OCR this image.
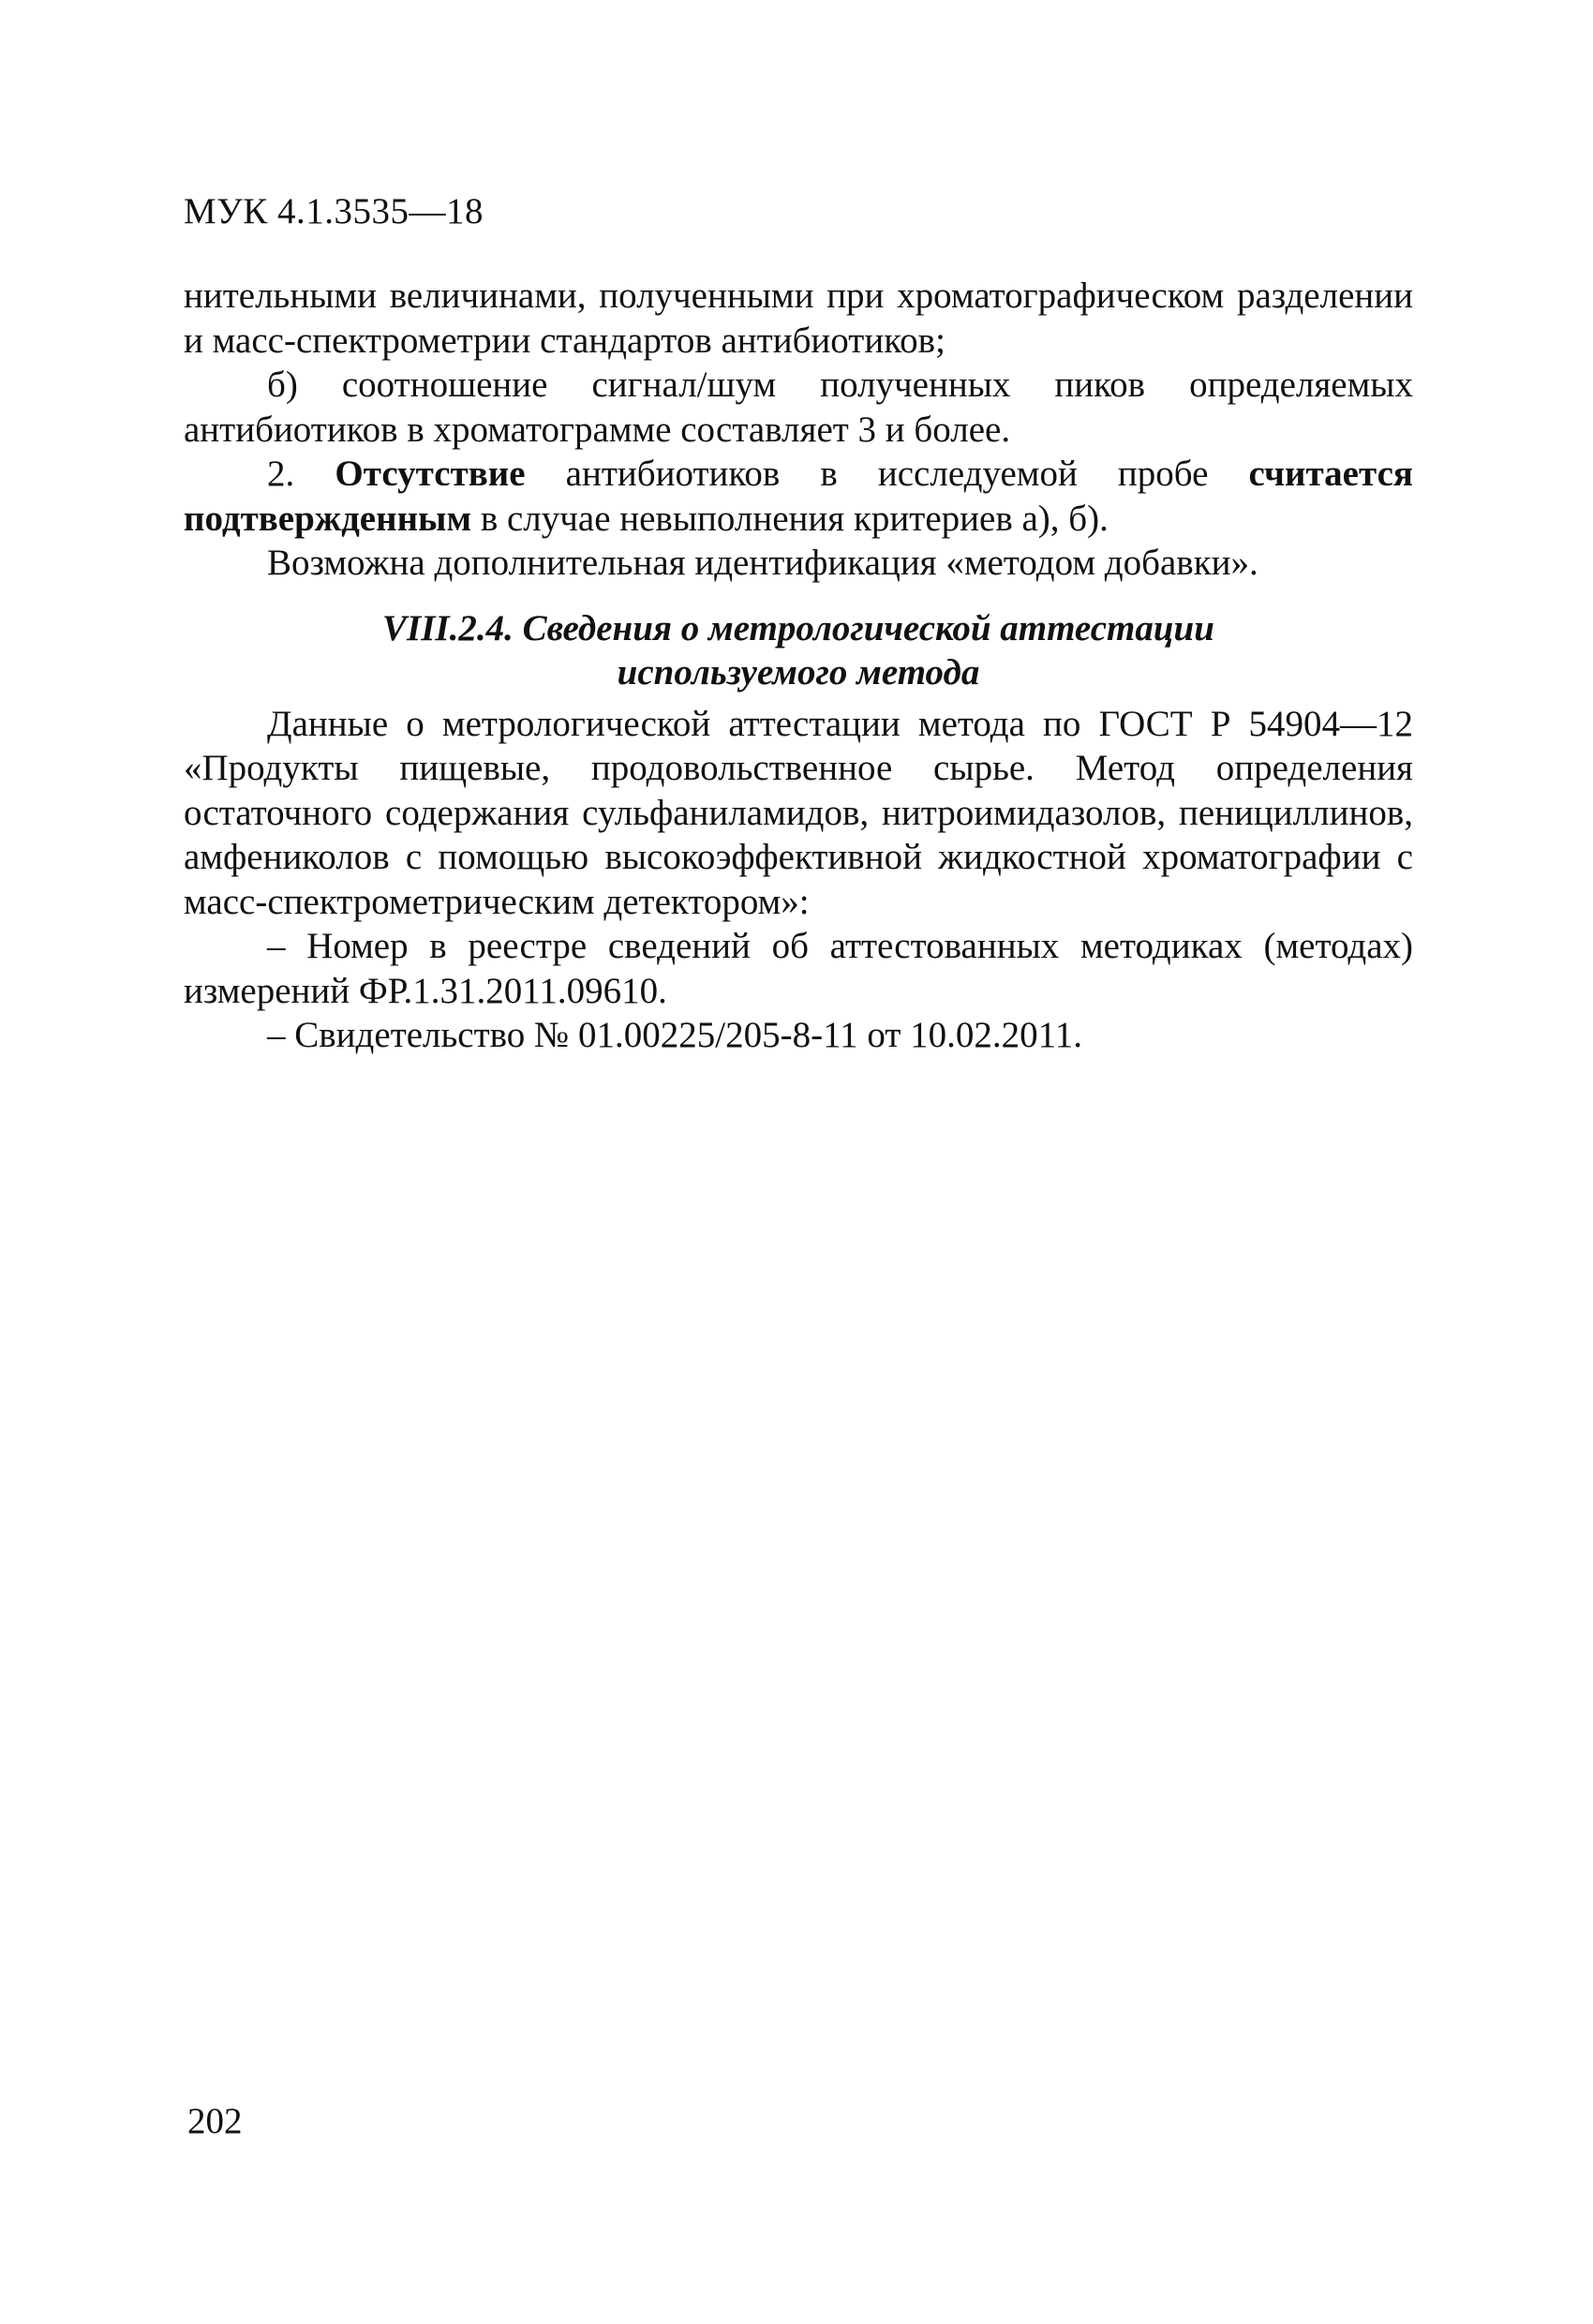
МУК 4.1.3535—18

нительными величинами, полученными при хроматографическом разделении и масс-спектрометрии стандартов антибиотиков;

б) соотношение сигнал/шум полученных пиков определяемых антибиотиков в хроматограмме составляет 3 и более.

2. Отсутствие антибиотиков в исследуемой пробе считается подтвержденным в случае невыполнения критериев а), б).

Возможна дополнительная идентификация «методом добавки».

VIII.2.4. Сведения о метрологической аттестации
используемого метода

Данные о метрологической аттестации метода по ГОСТ Р 54904—12 «Продукты пищевые, продовольственное сырье. Метод определения остаточного содержания сульфаниламидов, нитроимидазолов, пенициллинов, амфениколов с помощью высокоэффективной жидкостной хроматографии с масс-спектрометрическим детектором»:

– Номер в реестре сведений об аттестованных методиках (методах) измерений ФР.1.31.2011.09610.

– Свидетельство № 01.00225/205-8-11 от 10.02.2011.

202
